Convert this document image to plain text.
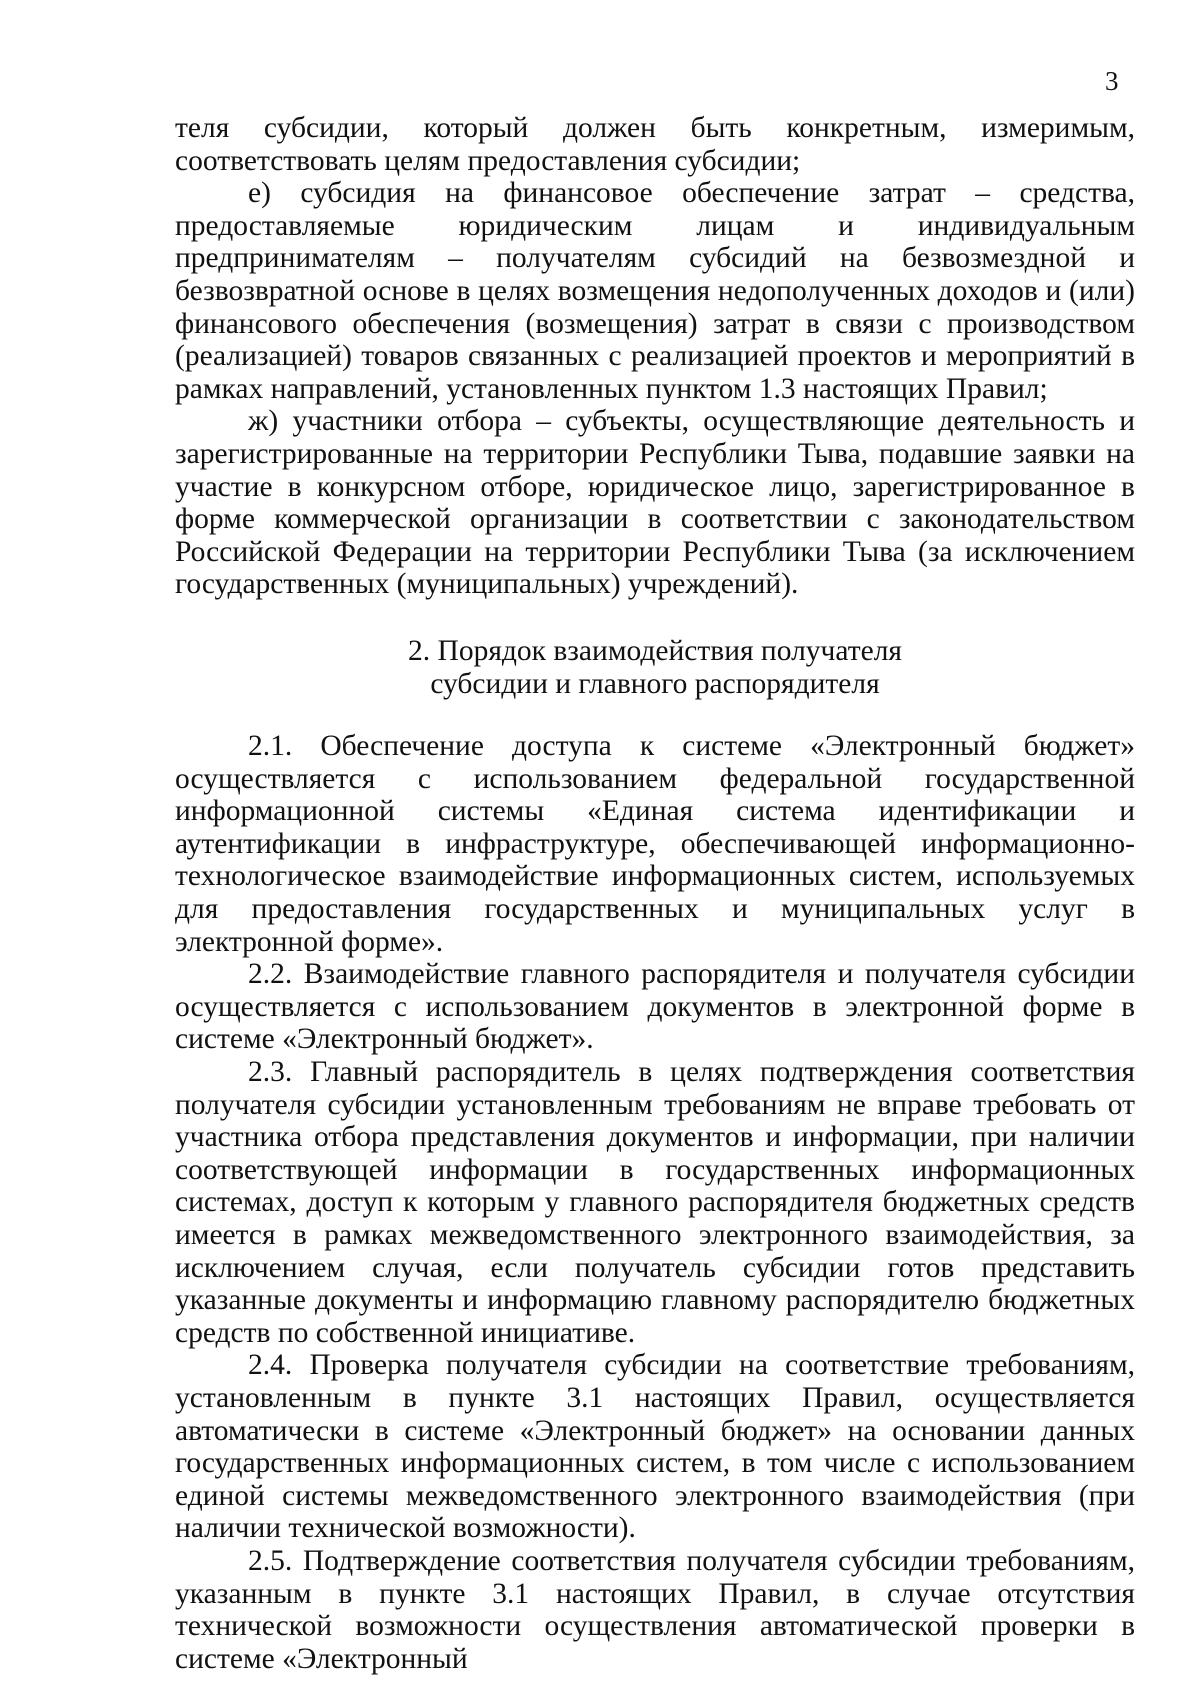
3

теля субсидии, который должен быть конкретным, измеримым, соответствовать целям предоставления субсидии;

е) субсидия на финансовое обеспечение затрат – средства, предоставляемые юридическим лицам и индивидуальным предпринимателям – получателям субсидий на безвозмездной и безвозвратной основе в целях возмещения недополученных доходов и (или) финансового обеспечения (возмещения) затрат в связи с производством (реализацией) товаров связанных с реализацией проектов и мероприятий в рамках направлений, установленных пунктом 1.3 настоящих Правил;

ж) участники отбора – субъекты, осуществляющие деятельность и зарегистрированные на территории Республики Тыва, подавшие заявки на участие в конкурсном отборе, юридическое лицо, зарегистрированное в форме коммерческой организации в соответствии с законодательством Российской Федерации на территории Республики Тыва (за исключением государственных (муниципальных) учреждений).

2. Порядок взаимодействия получателя
субсидии и главного распорядителя

2.1. Обеспечение доступа к системе «Электронный бюджет» осуществляется с использованием федеральной государственной информационной системы «Единая система идентификации и аутентификации в инфраструктуре, обеспечивающей информационно-технологическое взаимодействие информационных систем, используемых для предоставления государственных и муниципальных услуг в электронной форме».

2.2. Взаимодействие главного распорядителя и получателя субсидии осуществляется с использованием документов в электронной форме в системе «Электронный бюджет».

2.3. Главный распорядитель в целях подтверждения соответствия получателя субсидии установленным требованиям не вправе требовать от участника отбора представления документов и информации, при наличии соответствующей информации в государственных информационных системах, доступ к которым у главного распорядителя бюджетных средств имеется в рамках межведомственного электронного взаимодействия, за исключением случая, если получатель субсидии готов представить указанные документы и информацию главному распорядителю бюджетных средств по собственной инициативе.

2.4. Проверка получателя субсидии на соответствие требованиям, установленным в пункте 3.1 настоящих Правил, осуществляется автоматически в системе «Электронный бюджет» на основании данных государственных информационных систем, в том числе с использованием единой системы межведомственного электронного взаимодействия (при наличии технической возможности).

2.5. Подтверждение соответствия получателя субсидии требованиям, указанным в пункте 3.1 настоящих Правил, в случае отсутствия технической возможности осуществления автоматической проверки в системе «Электронный
